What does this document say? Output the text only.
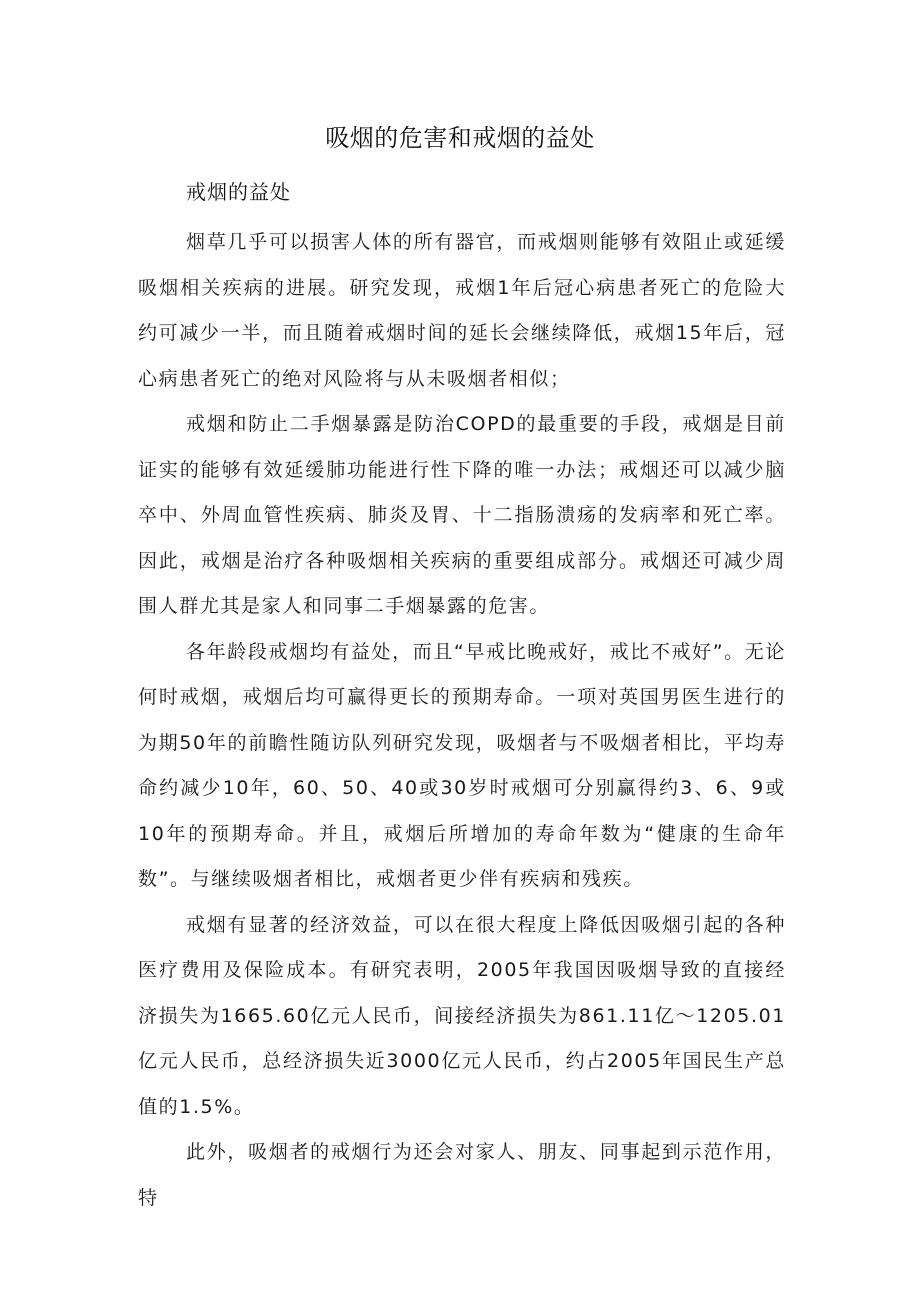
吸烟的危害和戒烟的益处
戒烟的益处

烟草几乎可以损害人体的所有器官，而戒烟则能够有效阻止或延缓吸烟相关疾病的进展。研究发现，戒烟1年后冠心病患者死亡的危险大约可减少一半，而且随着戒烟时间的延长会继续降低，戒烟15年后，冠心病患者死亡的绝对风险将与从未吸烟者相似；

戒烟和防止二手烟暴露是防治COPD的最重要的手段，戒烟是目前证实的能够有效延缓肺功能进行性下降的唯一办法；戒烟还可以减少脑卒中、外周血管性疾病、肺炎及胃、十二指肠溃疡的发病率和死亡率。因此，戒烟是治疗各种吸烟相关疾病的重要组成部分。戒烟还可减少周围人群尤其是家人和同事二手烟暴露的危害。

各年龄段戒烟均有益处，而且“早戒比晚戒好，戒比不戒好”。无论何时戒烟，戒烟后均可赢得更长的预期寿命。一项对英国男医生进行的为期50年的前瞻性随访队列研究发现，吸烟者与不吸烟者相比，平均寿命约减少10年，60、50、40或30岁时戒烟可分别赢得约3、6、9或10年的预期寿命。并且，戒烟后所增加的寿命年数为“健康的生命年数”。与继续吸烟者相比，戒烟者更少伴有疾病和残疾。

戒烟有显著的经济效益，可以在很大程度上降低因吸烟引起的各种医疗费用及保险成本。有研究表明，2005年我国因吸烟导致的直接经济损失为1665.60亿元人民币，间接经济损失为861.11亿～1205.01亿元人民币，总经济损失近3000亿元人民币，约占2005年国民生产总值的1.5%。

此外，吸烟者的戒烟行为还会对家人、朋友、同事起到示范作用，特
